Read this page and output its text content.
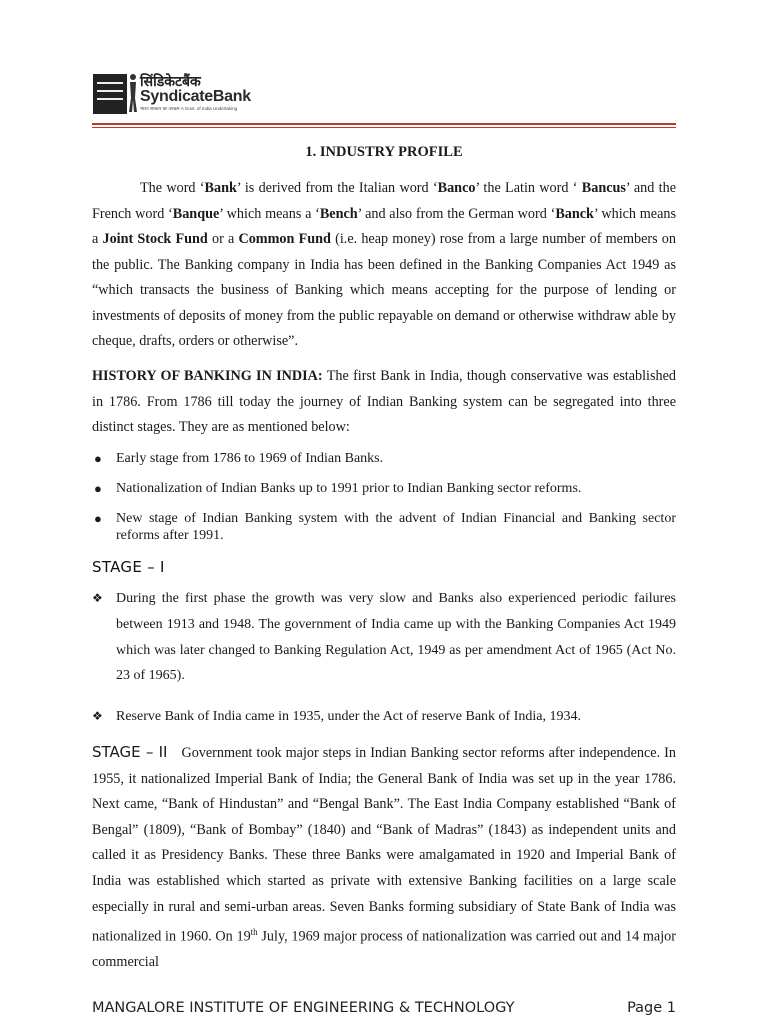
सिंडिकेटबैंक
SyndicateBank
भारत सरकार का उपक्रम A Govt. of India Undertaking
1. INDUSTRY PROFILE

The word ‘Bank’ is derived from the Italian word ‘Banco’ the Latin word ‘ Bancus’ and the French word ‘Banque’ which means a ‘Bench’ and also from the German word ‘Banck’ which means a Joint Stock Fund or a Common Fund (i.e. heap money) rose from a large number of members on the public. The Banking company in India has been defined in the Banking Companies Act 1949 as “which transacts the business of Banking which means accepting for the purpose of lending or investments of deposits of money from the public repayable on demand or otherwise withdraw able by cheque, drafts, orders or otherwise”.

HISTORY OF BANKING IN INDIA: The first Bank in India, though conservative was established in 1786. From 1786 till today the journey of Indian Banking system can be segregated into three distinct stages. They are as mentioned below:

● Early stage from 1786 to 1969 of Indian Banks.
● Nationalization of Indian Banks up to 1991 prior to Indian Banking sector reforms.
● New stage of Indian Banking system with the advent of Indian Financial and Banking sector reforms after 1991.
STAGE – I
❖ During the first phase the growth was very slow and Banks also experienced periodic failures between 1913 and 1948. The government of India came up with the Banking Companies Act 1949 which was later changed to Banking Regulation Act, 1949 as per amendment Act of 1965 (Act No. 23 of 1965).
❖ Reserve Bank of India came in 1935, under the Act of reserve Bank of India, 1934.

STAGE – II Government took major steps in Indian Banking sector reforms after independence. In 1955, it nationalized Imperial Bank of India; the General Bank of India was set up in the year 1786. Next came, “Bank of Hindustan” and “Bengal Bank”. The East India Company established “Bank of Bengal” (1809), “Bank of Bombay” (1840) and “Bank of Madras” (1843) as independent units and called it as Presidency Banks. These three Banks were amalgamated in 1920 and Imperial Bank of India was established which started as private with extensive Banking facilities on a large scale especially in rural and semi-urban areas. Seven Banks forming subsidiary of State Bank of India was nationalized in 1960. On 19th July, 1969 major process of nationalization was carried out and 14 major commercial

MANGALORE INSTITUTE OF ENGINEERING & TECHNOLOGY	Page 1
